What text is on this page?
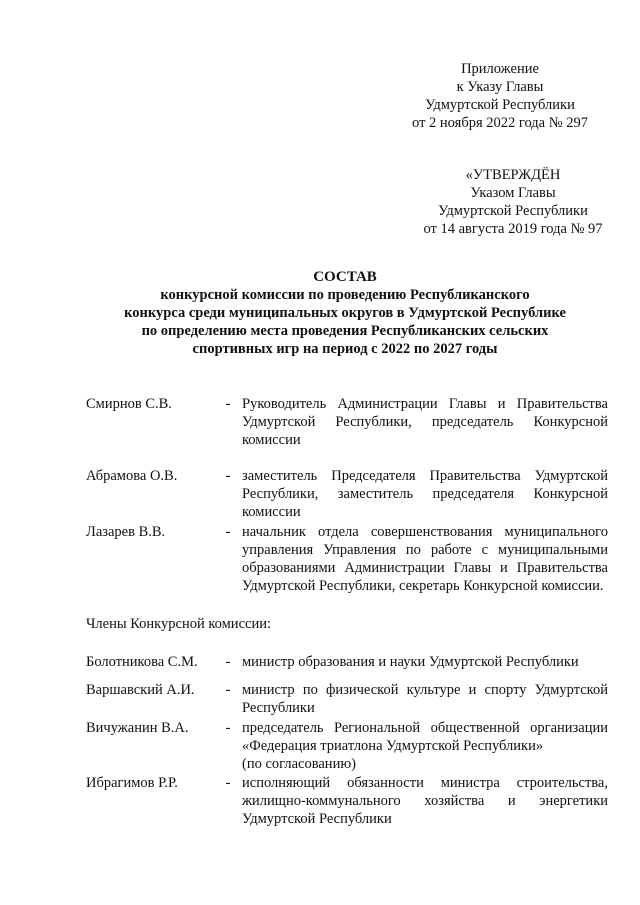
Приложение
к Указу Главы
Удмуртской Республики
от 2 ноября 2022 года № 297
«УТВЕРЖДЁН
Указом Главы
Удмуртской Республики
от 14 августа 2019 года № 97
СОСТАВ
конкурсной комиссии по проведению Республиканского
конкурса среди муниципальных округов в Удмуртской Республике
по определению места проведения Республиканских сельских
спортивных игр на период с 2022 по 2027 годы
Смирнов С.В.	- Руководитель Администрации Главы и Правительства Удмуртской Республики, председатель Конкурсной комиссии
Абрамова О.В.	- заместитель Председателя Правительства Удмуртской Республики, заместитель председателя Конкурсной комиссии
Лазарев В.В.	- начальник отдела совершенствования муниципального управления Управления по работе с муниципальными образованиями Администрации Главы и Правительства Удмуртской Республики, секретарь Конкурсной комиссии.
Члены Конкурсной комиссии:
Болотникова С.М.	- министр образования и науки Удмуртской Республики
Варшавский А.И.	- министр по физической культуре и спорту Удмуртской Республики
Вичужанин В.А.	- председатель Региональной общественной организации
«Федерация триатлона Удмуртской Республики»
(по согласованию)
Ибрагимов Р.Р.	- исполняющий обязанности министра строительства, жилищно-коммунального хозяйства и энергетики Удмуртской Республики
